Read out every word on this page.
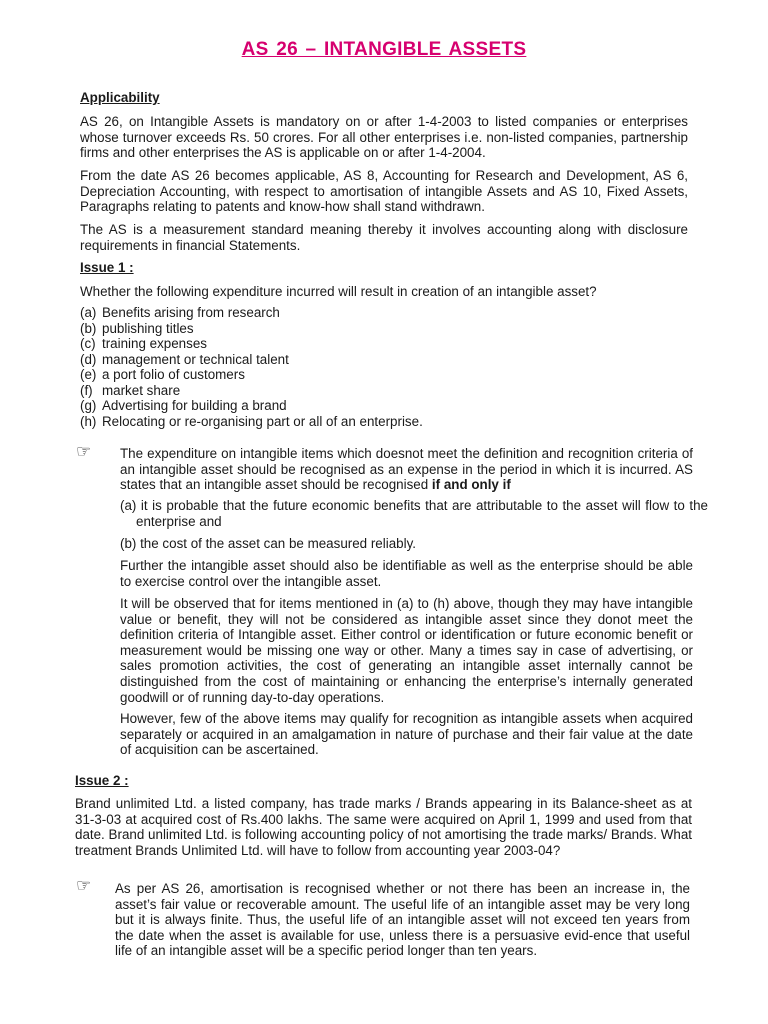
AS 26 – INTANGIBLE ASSETS
Applicability

AS 26, on Intangible Assets is mandatory on or after 1-4-2003 to listed companies or enterprises whose turnover exceeds Rs. 50 crores. For all other enterprises i.e. non-listed companies, partnership firms and other enterprises the AS is applicable on or after 1-4-2004.

From the date AS 26 becomes applicable, AS 8, Accounting for Research and Development, AS 6, Depreciation Accounting, with respect to amortisation of intangible Assets and AS 10, Fixed Assets, Paragraphs relating to patents and know-how shall stand withdrawn.

The AS is a measurement standard meaning thereby it involves accounting along with disclosure requirements in financial Statements.

Issue 1 :

Whether the following expenditure incurred will result in creation of an intangible asset?

(a) Benefits arising from research
(b) publishing titles
(c) training expenses
(d) management or technical talent
(e) a port folio of customers
(f) market share
(g) Advertising for building a brand
(h) Relocating or re-organising part or all of an enterprise.
☞ The expenditure on intangible items which doesnot meet the definition and recognition criteria of an intangible asset should be recognised as an expense in the period in which it is incurred. AS states that an intangible asset should be recognised if and only if

(a) it is probable that the future economic benefits that are attributable to the asset will flow to the enterprise and

(b) the cost of the asset can be measured reliably.

Further the intangible asset should also be identifiable as well as the enterprise should be able to exercise control over the intangible asset.

It will be observed that for items mentioned in (a) to (h) above, though they may have intangible value or benefit, they will not be considered as intangible asset since they donot meet the definition criteria of Intangible asset. Either control or identification or future economic benefit or measurement would be missing one way or other. Many a times say in case of advertising, or sales promotion activities, the cost of generating an intangible asset internally cannot be distinguished from the cost of maintaining or enhancing the enterprise’s internally generated goodwill or of running day-to-day operations.

However, few of the above items may qualify for recognition as intangible assets when acquired separately or acquired in an amalgamation in nature of purchase and their fair value at the date of acquisition can be ascertained.

Issue 2 :

Brand unlimited Ltd. a listed company, has trade marks / Brands appearing in its Balance-sheet as at 31-3-03 at acquired cost of Rs.400 lakhs. The same were acquired on April 1, 1999 and used from that date. Brand unlimited Ltd. is following accounting policy of not amortising the trade marks/ Brands. What treatment Brands Unlimited Ltd. will have to follow from accounting year 2003-04?

☞ As per AS 26, amortisation is recognised whether or not there has been an increase in, the asset’s fair value or recoverable amount. The useful life of an intangible asset may be very long but it is always finite. Thus, the useful life of an intangible asset will not exceed ten years from the date when the asset is available for use, unless there is a persuasive evid-ence that useful life of an intangible asset will be a specific period longer than ten years.
